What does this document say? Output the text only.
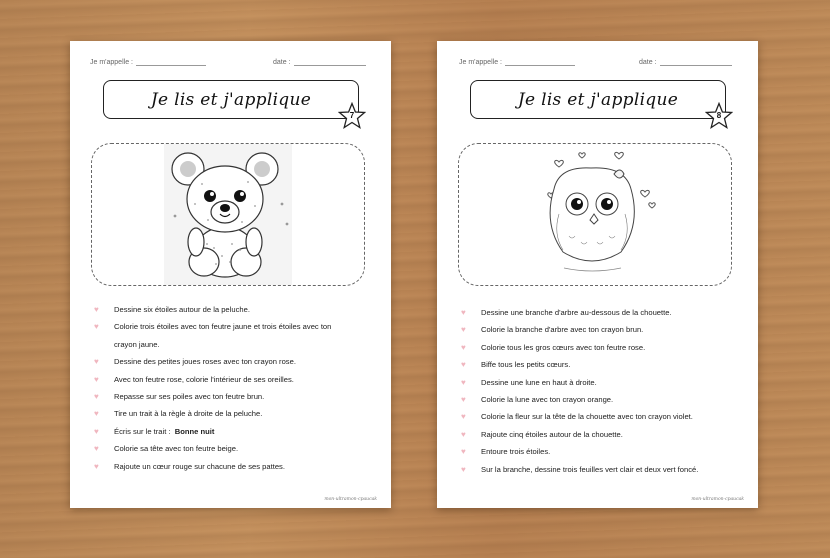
Je m'appelle :	date :
Je lis et j'applique
7
♥ Dessine six étoiles autour de la peluche.
♥ Colorie trois étoiles avec ton feutre jaune et trois étoiles avec ton
crayon jaune.
♥ Dessine des petites joues roses avec ton crayon rose.
♥ Avec ton feutre rose, colorie l'intérieur de ses oreilles.
♥ Repasse sur ses poiles avec ton feutre brun.
♥ Tire un trait à la règle à droite de la peluche.
♥ Écris sur le trait : Bonne nuit
♥ Colorie sa tête avec ton feutre beige.
♥ Rajoute un cœur rouge sur chacune de ses pattes.
mon-ultramon-cpaucak
Je m'appelle :	date :
Je lis et j'applique
8
♥ Dessine une branche d'arbre au-dessous de la chouette.
♥ Colorie la branche d'arbre avec ton crayon brun.
♥ Colorie tous les gros cœurs avec ton feutre rose.
♥ Biffe tous les petits cœurs.
♥ Dessine une lune en haut à droite.
♥ Colorie la lune avec ton crayon orange.
♥ Colorie la fleur sur la tête de la chouette avec ton crayon violet.
♥ Rajoute cinq étoiles autour de la chouette.
♥ Entoure trois étoiles.
♥ Sur la branche, dessine trois feuilles vert clair et deux vert foncé.
mon-ultramon-cpaucak
